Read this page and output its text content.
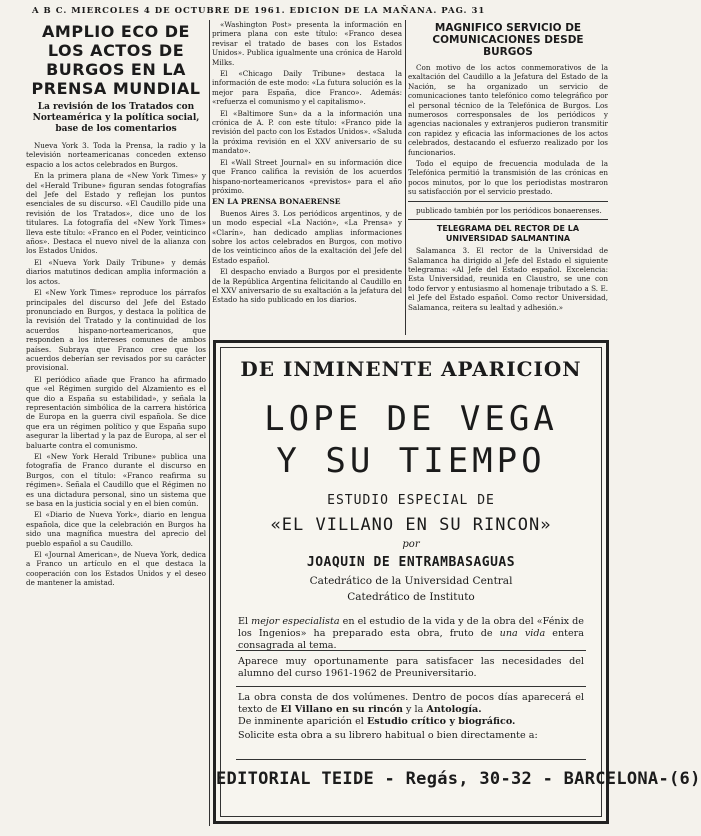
A B C. MIERCOLES 4 DE OCTUBRE DE 1961. EDICION DE LA MAÑANA. PAG. 31
AMPLIO ECO DE LOS ACTOS DE BURGOS EN LA PRENSA MUNDIAL
La revisión de los Tratados con Norteamérica y la política social, base de los comentarios

Nueva York 3. Toda la Prensa, la radio y la televisión norteamericanas conceden extenso espacio a los actos celebrados en Burgos.

En la primera plana de «New York Times» y del «Herald Tribune» figuran sendas fotografías del Jefe del Estado y reflejan los puntos esenciales de su discurso. «El Caudillo pide una revisión de los Tratados», dice uno de los titulares. La fotografía del «New York Times» lleva este título: «Franco en el Poder, veinticinco años». Destaca el nuevo nivel de la alianza con los Estados Unidos.

El «Nueva York Daily Tribune» y demás diarios matutinos dedican amplia información a los actos.

El «New York Times» reproduce los párrafos principales del discurso del Jefe del Estado pronunciado en Burgos, y destaca la política de la revisión del Tratado y la continuidad de los acuerdos hispano-norteamericanos, que responden a los intereses comunes de ambos países. Subraya que Franco cree que los acuerdos deberían ser revisados por su carácter provisional.

El periódico añade que Franco ha afirmado que «el Régimen surgido del Alzamiento es el que dio a España su estabilidad», y señala la representación simbólica de la carrera histórica de Europa en la guerra civil española. Se dice que era un régimen político y que España supo asegurar la libertad y la paz de Europa, al ser el baluarte contra el comunismo.

El «New York Herald Tribune» publica una fotografía de Franco durante el discurso en Burgos, con el título: «Franco reafirma su régimen». Señala el Caudillo que el Régimen no es una dictadura personal, sino un sistema que se basa en la justicia social y en el bien común.

El «Diario de Nueva York», diario en lengua española, dice que la celebración en Burgos ha sido una magnífica muestra del aprecio del pueblo español a su Caudillo.

El «Journal American», de Nueva York, dedica a Franco un artículo en el que destaca la cooperación con los Estados Unidos y el deseo de mantener la amistad.

«Washington Post» presenta la información en primera plana con este título: «Franco desea revisar el tratado de bases con los Estados Unidos». Publica igualmente una crónica de Harold Milks.

El «Chicago Daily Tribune» destaca la información de este modo: «La futura solución es la mejor para España, dice Franco». Además: «refuerza el comunismo y el capitalismo».

El «Baltimore Sun» da a la información una crónica de A. P. con este título: «Franco pide la revisión del pacto con los Estados Unidos». «Saluda la próxima revisión en el XXV aniversario de su mandato».

El «Wall Street Journal» en su información dice que Franco califica la revisión de los acuerdos hispano-norteamericanos «previstos» para el año próximo.

EN LA PRENSA BONAERENSE

Buenos Aires 3. Los periódicos argentinos, y de un modo especial «La Nación», «La Prensa» y «Clarín», han dedicado amplias informaciones sobre los actos celebrados en Burgos, con motivo de los veinticinco años de la exaltación del Jefe del Estado español.

El despacho enviado a Burgos por el presidente de la República Argentina felicitando al Caudillo en el XXV aniversario de su exaltación a la jefatura del Estado ha sido publicado en los diarios.

MAGNIFICO SERVICIO DE COMUNICACIONES DESDE BURGOS

Con motivo de los actos conmemorativos de la exaltación del Caudillo a la Jefatura del Estado de la Nación, se ha organizado un servicio de comunicaciones tanto telefónico como telegráfico por el personal técnico de la Telefónica de Burgos. Los numerosos corresponsales de los periódicos y agencias nacionales y extranjeros pudieron transmitir con rapidez y eficacia las informaciones de los actos celebrados, destacando el esfuerzo realizado por los funcionarios.

Todo el equipo de frecuencia modulada de la Telefónica permitió la transmisión de las crónicas en pocos minutos, por lo que los periodistas mostraron su satisfacción por el servicio prestado.

publicado también por los periódicos bonaerenses.

TELEGRAMA DEL RECTOR DE LA UNIVERSIDAD SALMANTINA

Salamanca 3. El rector de la Universidad de Salamanca ha dirigido al Jefe del Estado el siguiente telegrama: «Al Jefe del Estado español. Excelencia: Esta Universidad, reunida en Claustro, se une con todo fervor y entusiasmo al homenaje tributado a S. E. el Jefe del Estado español. Como rector Universidad, Salamanca, reitera su lealtad y adhesión.»

DE INMINENTE APARICION
LOPE DE VEGA
Y SU TIEMPO
ESTUDIO ESPECIAL DE
«EL VILLANO EN SU RINCON»
por
JOAQUIN DE ENTRAMBASAGUAS
Catedrático de la Universidad Central
Catedrático de Instituto
El mejor especialista en el estudio de la vida y de la obra del «Fénix de los Ingenios» ha preparado esta obra, fruto de una vida entera consagrada al tema.
Aparece muy oportunamente para satisfacer las necesidades del alumno del curso 1961-1962 de Preuniversitario.
La obra consta de dos volúmenes. Dentro de pocos días aparecerá el texto de El Villano en su rincón y la Antología.
De inminente aparición el Estudio crítico y biográfico.
Solicite esta obra a su librero habitual o bien directamente a:
EDITORIAL TEIDE - Regás, 30-32 - BARCELONA-(6)
